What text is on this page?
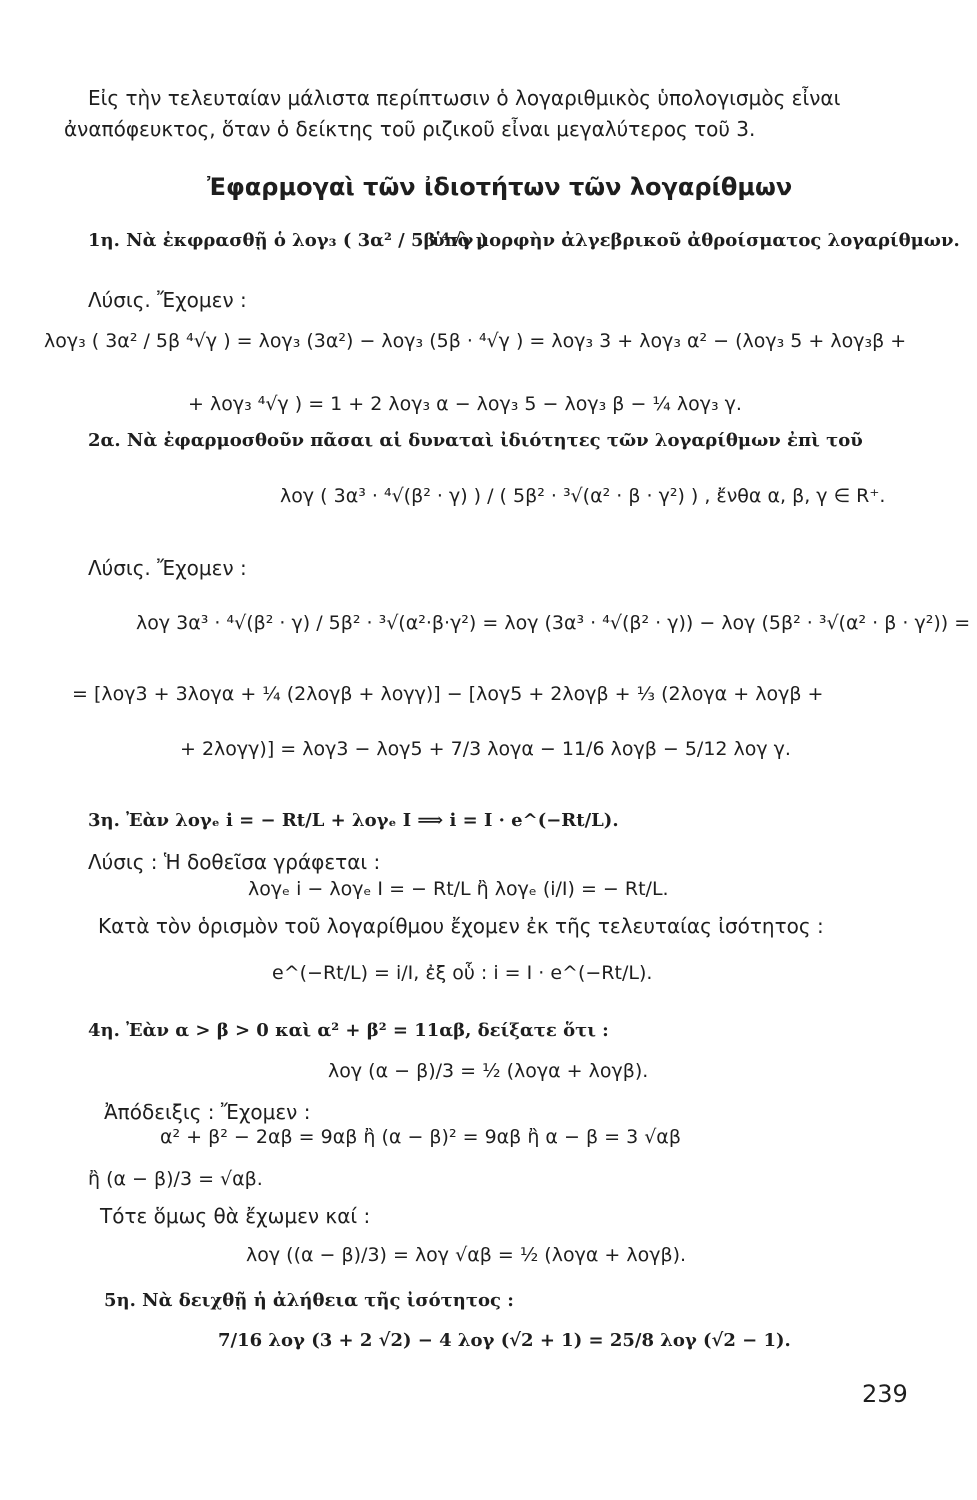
Εἰς τὴν τελευταίαν μάλιστα περίπτωσιν ὁ λογαριθμικὸς ὑπολογισμὸς εἶναι
ἀναπόφευκτος, ὅταν ὁ δείκτης τοῦ ριζικοῦ εἶναι μεγαλύτερος τοῦ 3.
Ἐφαρμογαὶ τῶν ἰδιοτήτων τῶν λογαρίθμων
1η. Νὰ ἐκφρασθῇ ὁ λογ₃ ( 3α² / 5β ⁴√γ )
ὑπὸ μορφὴν ἀλγεβρικοῦ ἀθροίσματος λογαρίθμων.
Λύσις. Ἔχομεν :
λογ₃ ( 3α² / 5β ⁴√γ ) = λογ₃ (3α²) − λογ₃ (5β · ⁴√γ ) = λογ₃ 3 + λογ₃ α² − (λογ₃ 5 + λογ₃β +
+ λογ₃ ⁴√γ ) = 1 + 2 λογ₃ α − λογ₃ 5 − λογ₃ β − ¼ λογ₃ γ.
2α. Νὰ ἐφαρμοσθοῦν πᾶσαι αἱ δυναταὶ ἰδιότητες τῶν λογαρίθμων ἐπὶ τοῦ
λογ ( 3α³ · ⁴√(β² · γ) ) / ( 5β² · ³√(α² · β · γ²) ) , ἔνθα α, β, γ ∈ R⁺.
Λύσις. Ἔχομεν :
λογ 3α³ · ⁴√(β² · γ) / 5β² · ³√(α²·β·γ²) = λογ (3α³ · ⁴√(β² · γ)) − λογ (5β² · ³√(α² · β · γ²)) =
= [λογ3 + 3λογα + ¼ (2λογβ + λογγ)] − [λογ5 + 2λογβ + ⅓ (2λογα + λογβ +
+ 2λογγ)] = λογ3 − λογ5 + 7/3 λογα − 11/6 λογβ − 5/12 λογ γ.
3η. Ἐὰν λογₑ i = − Rt/L + λογₑ I ⟹ i = I · e^(−Rt/L).
Λύσις : Ἡ δοθεῖσα γράφεται :
λογₑ i − λογₑ I = − Rt/L ἢ λογₑ (i/I) = − Rt/L.
Κατὰ τὸν ὁρισμὸν τοῦ λογαρίθμου ἔχομεν ἐκ τῆς τελευταίας ἰσότητος :
e^(−Rt/L) = i/I, ἐξ οὗ : i = I · e^(−Rt/L).
4η. Ἐὰν α > β > 0 καὶ α² + β² = 11αβ, δείξατε ὅτι :
λογ (α − β)/3 = ½ (λογα + λογβ).
Ἀπόδειξις : Ἔχομεν :
α² + β² − 2αβ = 9αβ ἢ (α − β)² = 9αβ ἢ α − β = 3 √αβ
ἢ (α − β)/3 = √αβ.
Τότε ὅμως θὰ ἔχωμεν καί :
λογ ((α − β)/3) = λογ √αβ = ½ (λογα + λογβ).
5η. Νὰ δειχθῇ ἡ ἀλήθεια τῆς ἰσότητος :
7/16 λογ (3 + 2 √2) − 4 λογ (√2 + 1) = 25/8 λογ (√2 − 1).
239
